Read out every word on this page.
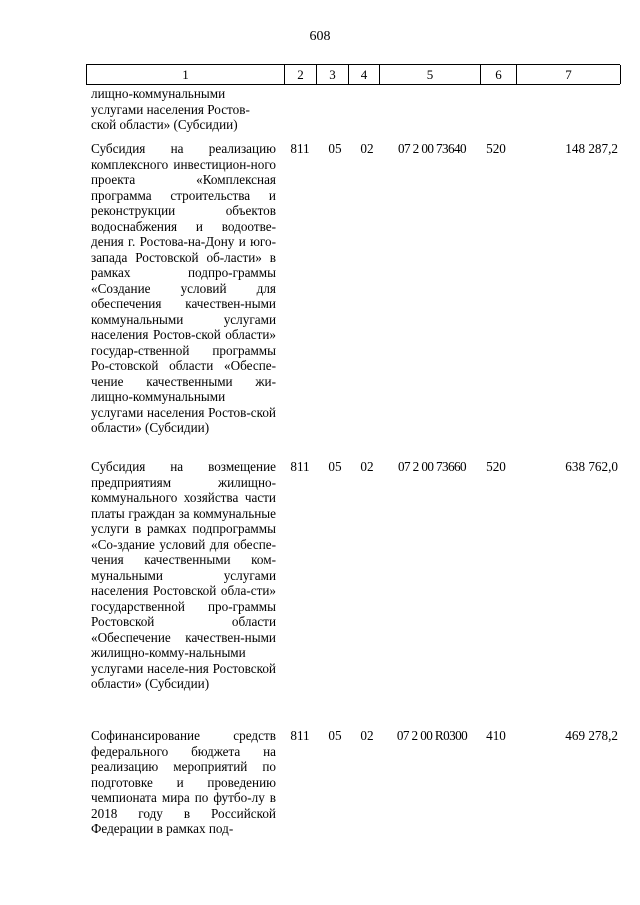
608
1	2	3	4	5	6	7
лищно-коммунальными
услугами населения Ростов-
ской области» (Субсидии)
Субсидия на реализацию комплексного инвестицион-ного проекта «Комплексная программа строительства и реконструкции объектов водоснабжения и водоотве-дения г. Ростова-на-Дону и юго-запада Ростовской об-ласти» в рамках подпро-граммы «Создание условий для обеспечения качествен-ными коммунальными услугами населения Ростов-ской области» государ-ственной программы Ро-стовской области «Обеспе-чение качественными жи-лищно-коммунальными услугами населения Ростов-ской области» (Субсидии)
811	05	02	07 2 00 73640	520	148 287,2
Субсидия на возмещение предприятиям жилищно-коммунального хозяйства части платы граждан за коммунальные услуги в рамках подпрограммы «Со-здание условий для обеспе-чения качественными ком-мунальными услугами населения Ростовской обла-сти» государственной про-граммы Ростовской области «Обеспечение качествен-ными жилищно-комму-нальными услугами населе-ния Ростовской области» (Субсидии)
811	05	02	07 2 00 73660	520	638 762,0
Софинансирование средств федерального бюджета на реализацию мероприятий по подготовке и проведению чемпионата мира по футбо-лу в 2018 году в Российской Федерации в рамках под-
811	05	02	07 2 00 R0300	410	469 278,2
